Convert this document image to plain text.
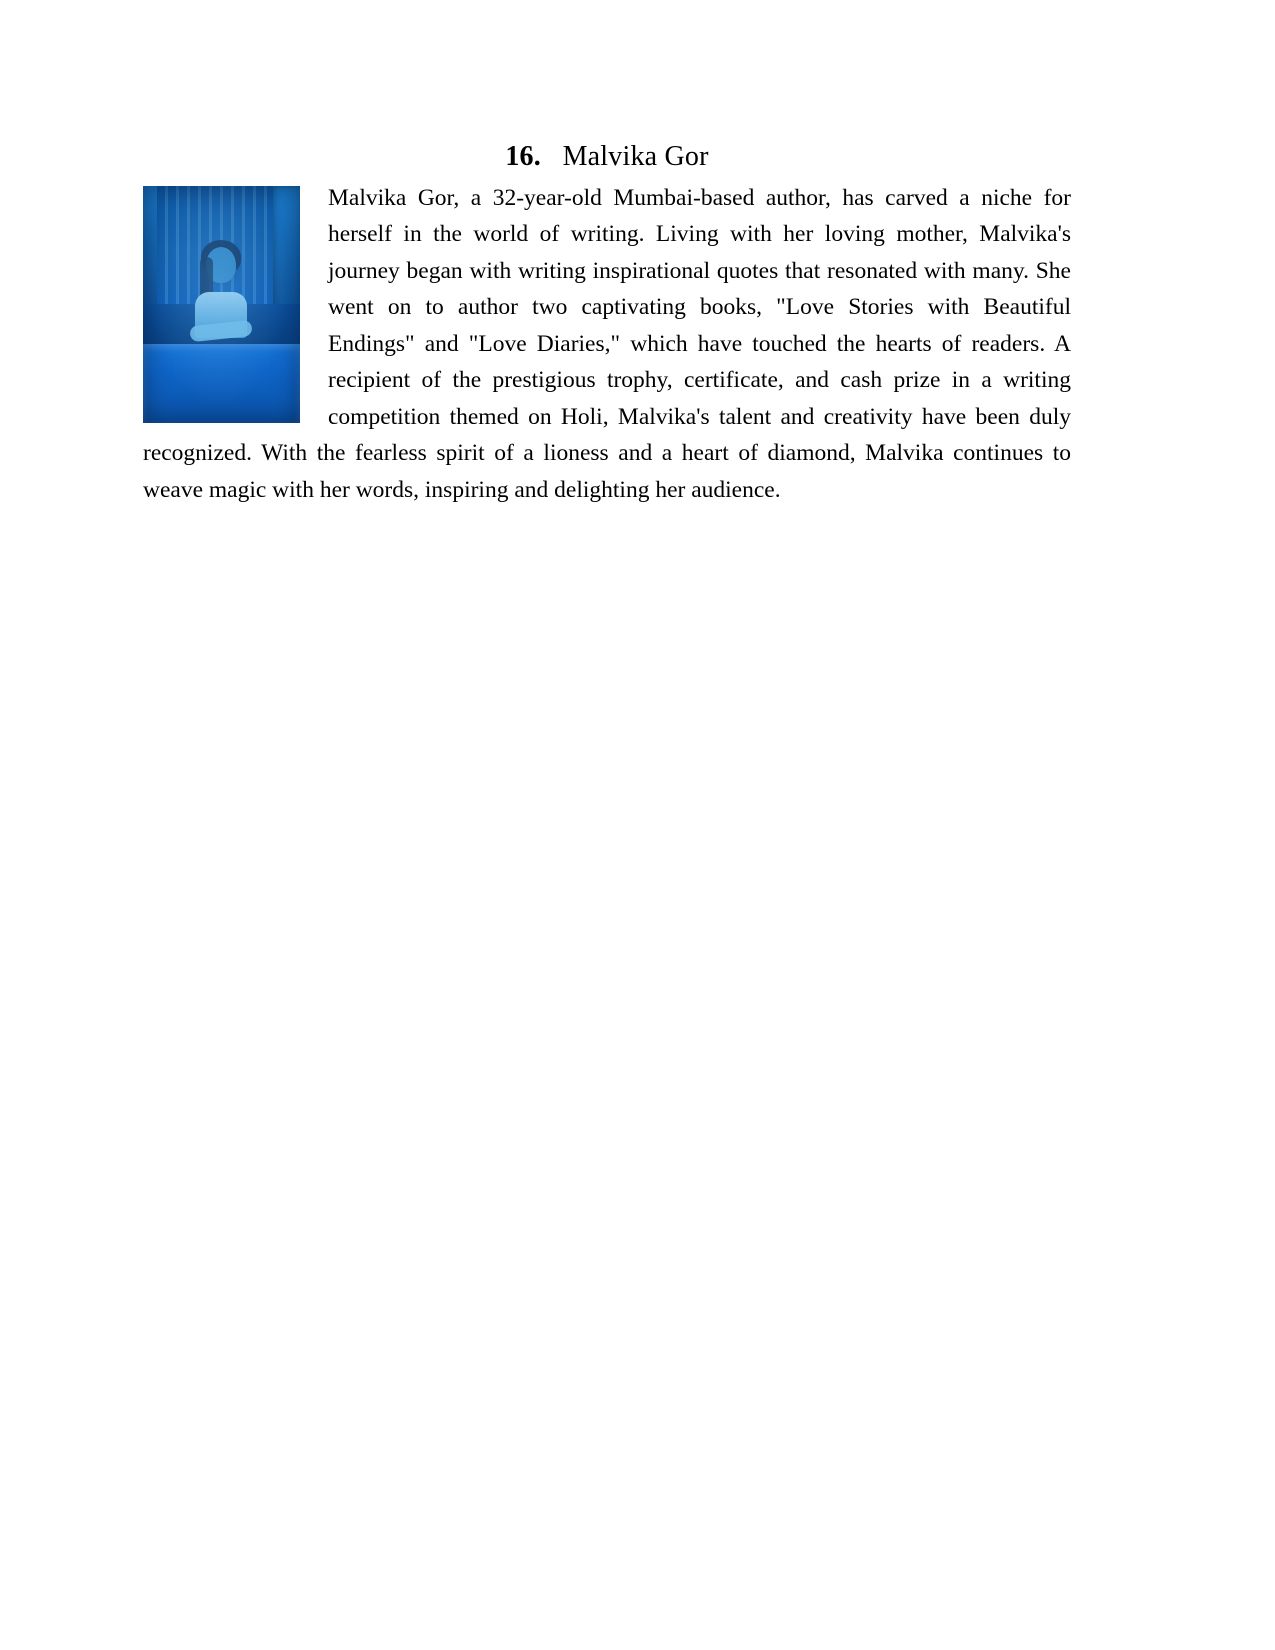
16. Malvika Gor

Malvika Gor, a 32-year-old Mumbai-based author, has carved a niche for herself in the world of writing. Living with her loving mother, Malvika's journey began with writing inspirational quotes that resonated with many. She went on to author two captivating books, "Love Stories with Beautiful Endings" and "Love Diaries," which have touched the hearts of readers. A recipient of the prestigious trophy, certificate, and cash prize in a writing competition themed on Holi, Malvika's talent and creativity have been duly recognized. With the fearless spirit of a lioness and a heart of diamond, Malvika continues to weave magic with her words, inspiring and delighting her audience.
